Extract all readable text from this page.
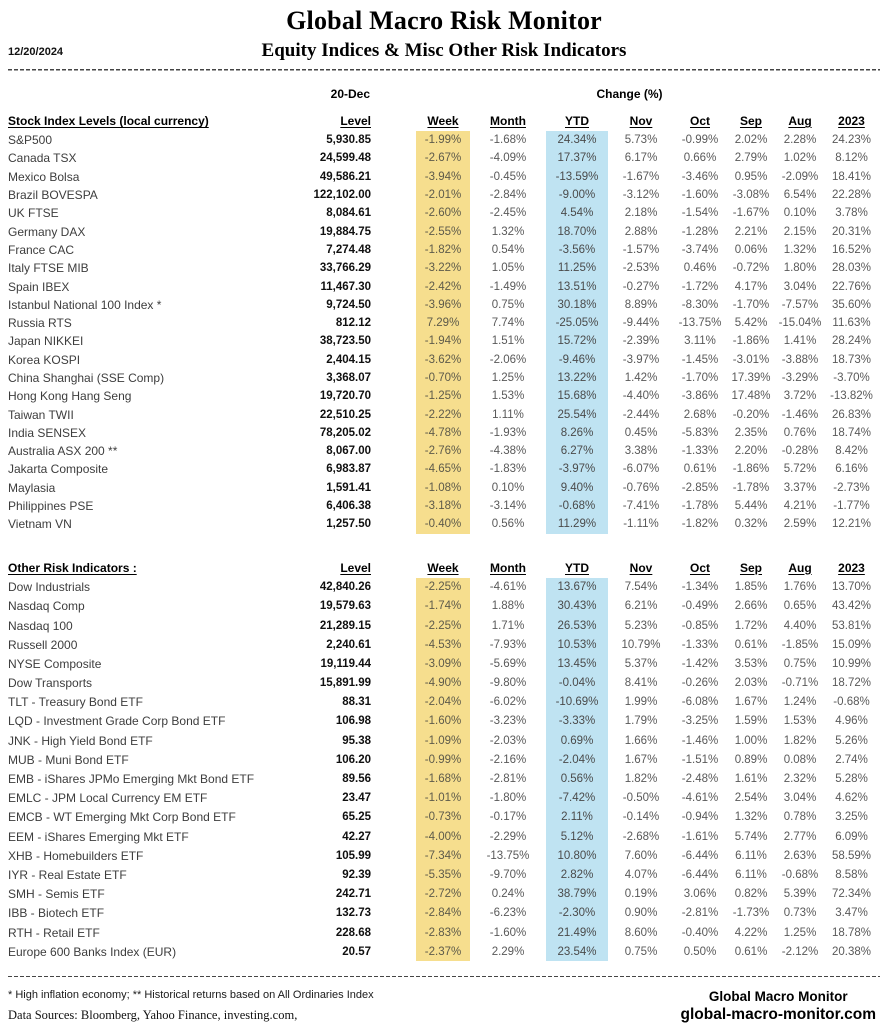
Global Macro Risk Monitor
12/20/2024	Equity Indices & Misc Other Risk Indicators
	20-Dec		Change (%)							
Stock Index Levels (local currency)	Level		Week	Month	YTD	Nov	Oct	Sep	Aug	2023
S&P500	5,930.85		-1.99%	-1.68%	24.34%	5.73%	-0.99%	2.02%	2.28%	24.23%
Canada TSX	24,599.48		-2.67%	-4.09%	17.37%	6.17%	0.66%	2.79%	1.02%	8.12%
Mexico Bolsa	49,586.21		-3.94%	-0.45%	-13.59%	-1.67%	-3.46%	0.95%	-2.09%	18.41%
Brazil BOVESPA	122,102.00		-2.01%	-2.84%	-9.00%	-3.12%	-1.60%	-3.08%	6.54%	22.28%
UK FTSE	8,084.61		-2.60%	-2.45%	4.54%	2.18%	-1.54%	-1.67%	0.10%	3.78%
Germany DAX	19,884.75		-2.55%	1.32%	18.70%	2.88%	-1.28%	2.21%	2.15%	20.31%
France CAC	7,274.48		-1.82%	0.54%	-3.56%	-1.57%	-3.74%	0.06%	1.32%	16.52%
Italy FTSE MIB	33,766.29		-3.22%	1.05%	11.25%	-2.53%	0.46%	-0.72%	1.80%	28.03%
Spain IBEX	11,467.30		-2.42%	-1.49%	13.51%	-0.27%	-1.72%	4.17%	3.04%	22.76%
Istanbul National 100 Index *	9,724.50		-3.96%	0.75%	30.18%	8.89%	-8.30%	-1.70%	-7.57%	35.60%
Russia RTS	812.12		7.29%	7.74%	-25.05%	-9.44%	-13.75%	5.42%	-15.04%	11.63%
Japan NIKKEI	38,723.50		-1.94%	1.51%	15.72%	-2.39%	3.11%	-1.86%	1.41%	28.24%
Korea KOSPI	2,404.15		-3.62%	-2.06%	-9.46%	-3.97%	-1.45%	-3.01%	-3.88%	18.73%
China Shanghai (SSE Comp)	3,368.07		-0.70%	1.25%	13.22%	1.42%	-1.70%	17.39%	-3.29%	-3.70%
Hong Kong Hang Seng	19,720.70		-1.25%	1.53%	15.68%	-4.40%	-3.86%	17.48%	3.72%	-13.82%
Taiwan TWII	22,510.25		-2.22%	1.11%	25.54%	-2.44%	2.68%	-0.20%	-1.46%	26.83%
India SENSEX	78,205.02		-4.78%	-1.93%	8.26%	0.45%	-5.83%	2.35%	0.76%	18.74%
Australia ASX 200 **	8,067.00		-2.76%	-4.38%	6.27%	3.38%	-1.33%	2.20%	-0.28%	8.42%
Jakarta Composite	6,983.87		-4.65%	-1.83%	-3.97%	-6.07%	0.61%	-1.86%	5.72%	6.16%
Maylasia	1,591.41		-1.08%	0.10%	9.40%	-0.76%	-2.85%	-1.78%	3.37%	-2.73%
Philippines PSE	6,406.38		-3.18%	-3.14%	-0.68%	-7.41%	-1.78%	5.44%	4.21%	-1.77%
Vietnam VN	1,257.50		-0.40%	0.56%	11.29%	-1.11%	-1.82%	0.32%	2.59%	12.21%
Other Risk Indicators :	Level		Week	Month	YTD	Nov	Oct	Sep	Aug	2023
Dow Industrials	42,840.26		-2.25%	-4.61%	13.67%	7.54%	-1.34%	1.85%	1.76%	13.70%
Nasdaq Comp	19,579.63		-1.74%	1.88%	30.43%	6.21%	-0.49%	2.66%	0.65%	43.42%
Nasdaq 100	21,289.15		-2.25%	1.71%	26.53%	5.23%	-0.85%	1.72%	4.40%	53.81%
Russell 2000	2,240.61		-4.53%	-7.93%	10.53%	10.79%	-1.33%	0.61%	-1.85%	15.09%
NYSE Composite	19,119.44		-3.09%	-5.69%	13.45%	5.37%	-1.42%	3.53%	0.75%	10.99%
Dow Transports	15,891.99		-4.90%	-9.80%	-0.04%	8.41%	-0.26%	2.03%	-0.71%	18.72%
TLT - Treasury Bond ETF	88.31		-2.04%	-6.02%	-10.69%	1.99%	-6.08%	1.67%	1.24%	-0.68%
LQD - Investment Grade Corp Bond ETF	106.98		-1.60%	-3.23%	-3.33%	1.79%	-3.25%	1.59%	1.53%	4.96%
JNK - High Yield Bond ETF	95.38		-1.09%	-2.03%	0.69%	1.66%	-1.46%	1.00%	1.82%	5.26%
MUB - Muni Bond ETF	106.20		-0.99%	-2.16%	-2.04%	1.67%	-1.51%	0.89%	0.08%	2.74%
EMB - iShares JPMo Emerging Mkt Bond ETF	89.56		-1.68%	-2.81%	0.56%	1.82%	-2.48%	1.61%	2.32%	5.28%
EMLC - JPM Local Currency EM ETF	23.47		-1.01%	-1.80%	-7.42%	-0.50%	-4.61%	2.54%	3.04%	4.62%
EMCB - WT Emerging Mkt Corp Bond ETF	65.25		-0.73%	-0.17%	2.11%	-0.14%	-0.94%	1.32%	0.78%	3.25%
EEM - iShares Emerging Mkt ETF	42.27		-4.00%	-2.29%	5.12%	-2.68%	-1.61%	5.74%	2.77%	6.09%
XHB - Homebuilders ETF	105.99		-7.34%	-13.75%	10.80%	7.60%	-6.44%	6.11%	2.63%	58.59%
IYR - Real Estate ETF	92.39		-5.35%	-9.70%	2.82%	4.07%	-6.44%	6.11%	-0.68%	8.58%
SMH - Semis ETF	242.71		-2.72%	0.24%	38.79%	0.19%	3.06%	0.82%	5.39%	72.34%
IBB - Biotech ETF	132.73		-2.84%	-6.23%	-2.30%	0.90%	-2.81%	-1.73%	0.73%	3.47%
RTH - Retail ETF	228.68		-2.83%	-1.60%	21.49%	8.60%	-0.40%	4.22%	1.25%	18.78%
Europe 600 Banks Index (EUR)	20.57		-2.37%	2.29%	23.54%	0.75%	0.50%	0.61%	-2.12%	20.38%
* High inflation economy; ** Historical returns based on All Ordinaries Index
Data Sources: Bloomberg, Yahoo Finance, investing.com,
Global Macro Monitor
global-macro-monitor.com
